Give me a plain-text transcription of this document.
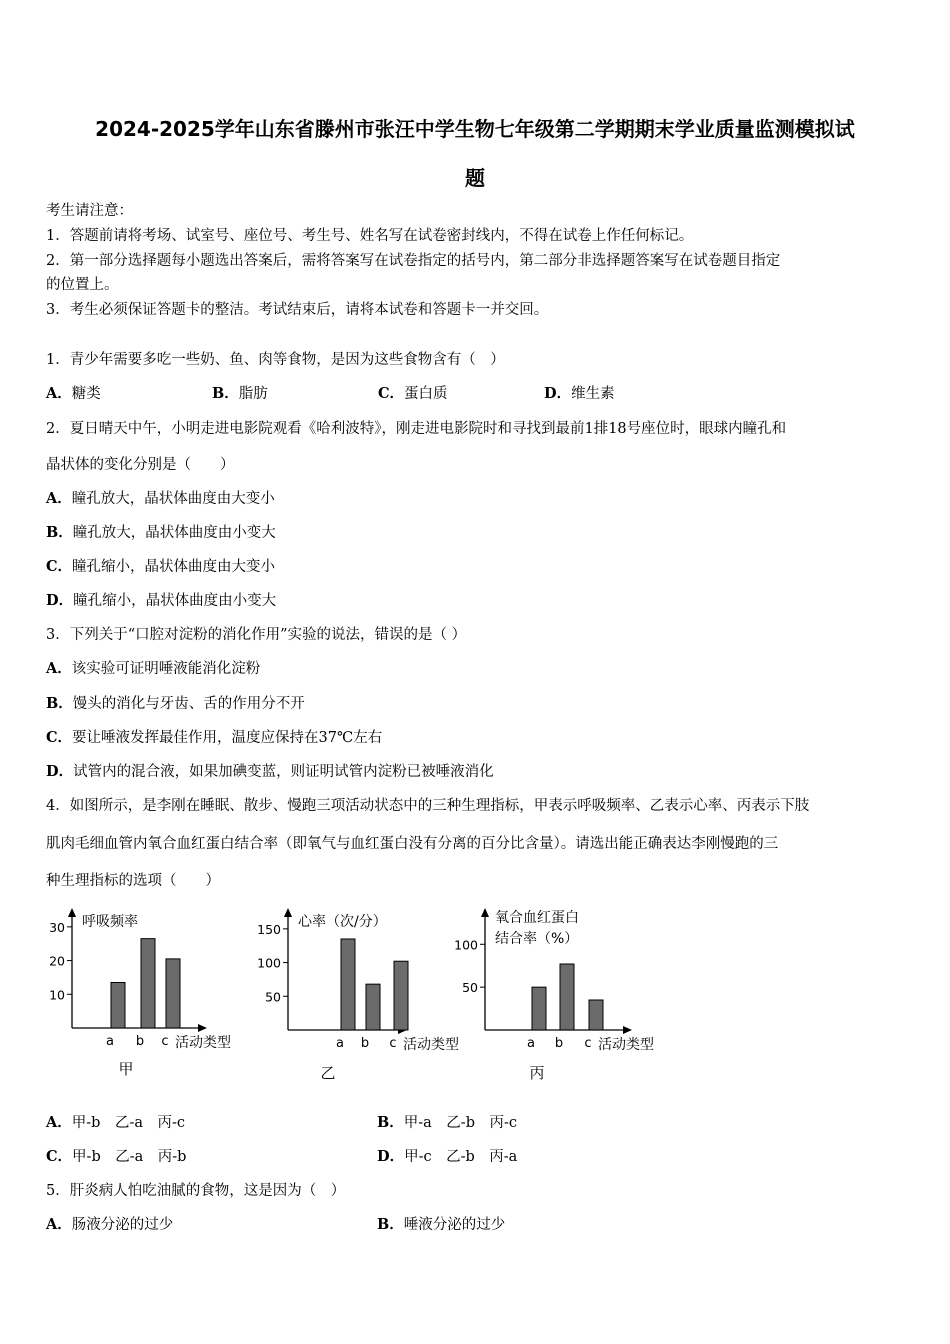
2024-2025学年山东省滕州市张汪中学生物七年级第二学期期末学业质量监测模拟试
题
考生请注意：
1．答题前请将考场、试室号、座位号、考生号、姓名写在试卷密封线内，不得在试卷上作任何标记。
2．第一部分选择题每小题选出答案后，需将答案写在试卷指定的括号内，第二部分非选择题答案写在试卷题目指定
的位置上。
3．考生必须保证答题卡的整洁。考试结束后，请将本试卷和答题卡一并交回。
1．青少年需要多吃一些奶、鱼、肉等食物，是因为这些食物含有（　）
A．糖类	B．脂肪	C．蛋白质	D．维生素
2．夏日晴天中午，小明走进电影院观看《哈利波特》，刚走进电影院时和寻找到最前1排18号座位时，眼球内瞳孔和
晶状体的变化分别是（　　）
A．瞳孔放大，晶状体曲度由大变小
B．瞳孔放大，晶状体曲度由小变大
C．瞳孔缩小，晶状体曲度由大变小
D．瞳孔缩小，晶状体曲度由小变大
3．下列关于“口腔对淀粉的消化作用”实验的说法，错误的是（ ）
A．该实验可证明唾液能消化淀粉
B．馒头的消化与牙齿、舌的作用分不开
C．要让唾液发挥最佳作用，温度应保持在37℃左右
D．试管内的混合液，如果加碘变蓝，则证明试管内淀粉已被唾液消化
4．如图所示，是李刚在睡眠、散步、慢跑三项活动状态中的三种生理指标，甲表示呼吸频率、乙表示心率、丙表示下肢
肌肉毛细血管内氧合血红蛋白结合率（即氧气与血红蛋白没有分离的百分比含量）。请选出能正确表达李刚慢跑的三
种生理指标的选项（　　）
呼吸频率
10
20
30
a b c 活动类型
甲
心率（次/分）
50
100
150
a b c 活动类型
乙
氧合血红蛋白
结合率（%）
50
100
a b c 活动类型
丙
A．甲-b　乙-a　丙-c	B．甲-a　乙-b　丙-c
C．甲-b　乙-a　丙-b	D．甲-c　乙-b　丙-a
5．肝炎病人怕吃油腻的食物，这是因为（　）
A．肠液分泌的过少	B．唾液分泌的过少
